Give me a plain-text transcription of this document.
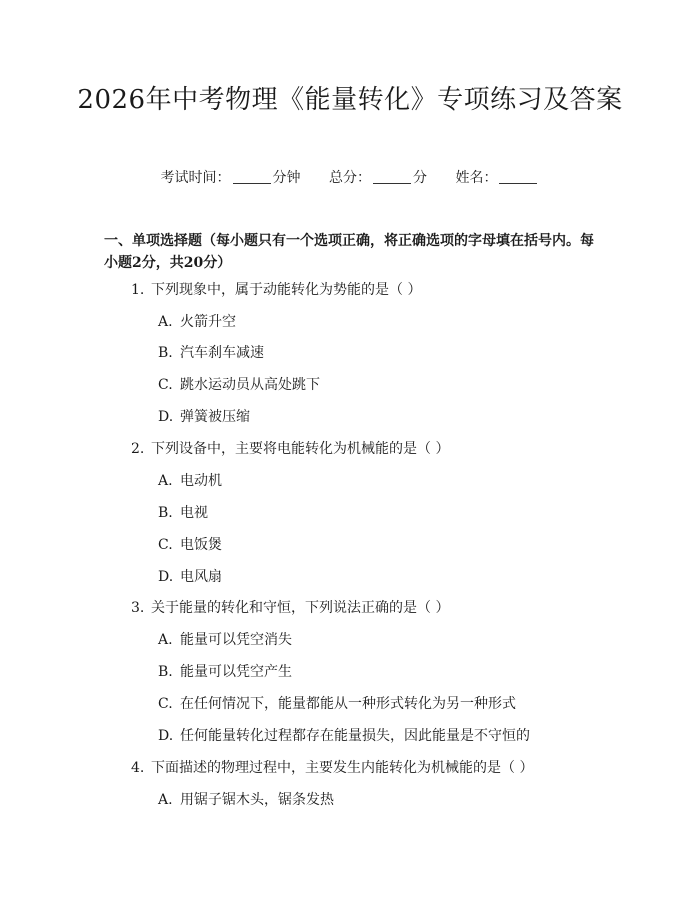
2026年中考物理《能量转化》专项练习及答案
考试时间：	分钟 总分：	分 姓名：
一、单项选择题（每小题只有一个选项正确，将正确选项的字母填在括号内。每小题2分，共20分）
1. 下列现象中，属于动能转化为势能的是（ ）
A. 火箭升空
B. 汽车刹车减速
C. 跳水运动员从高处跳下
D. 弹簧被压缩
2. 下列设备中，主要将电能转化为机械能的是（ ）
A. 电动机
B. 电视
C. 电饭煲
D. 电风扇
3. 关于能量的转化和守恒，下列说法正确的是（ ）
A. 能量可以凭空消失
B. 能量可以凭空产生
C. 在任何情况下，能量都能从一种形式转化为另一种形式
D. 任何能量转化过程都存在能量损失，因此能量是不守恒的
4. 下面描述的物理过程中，主要发生内能转化为机械能的是（ ）
A. 用锯子锯木头，锯条发热
